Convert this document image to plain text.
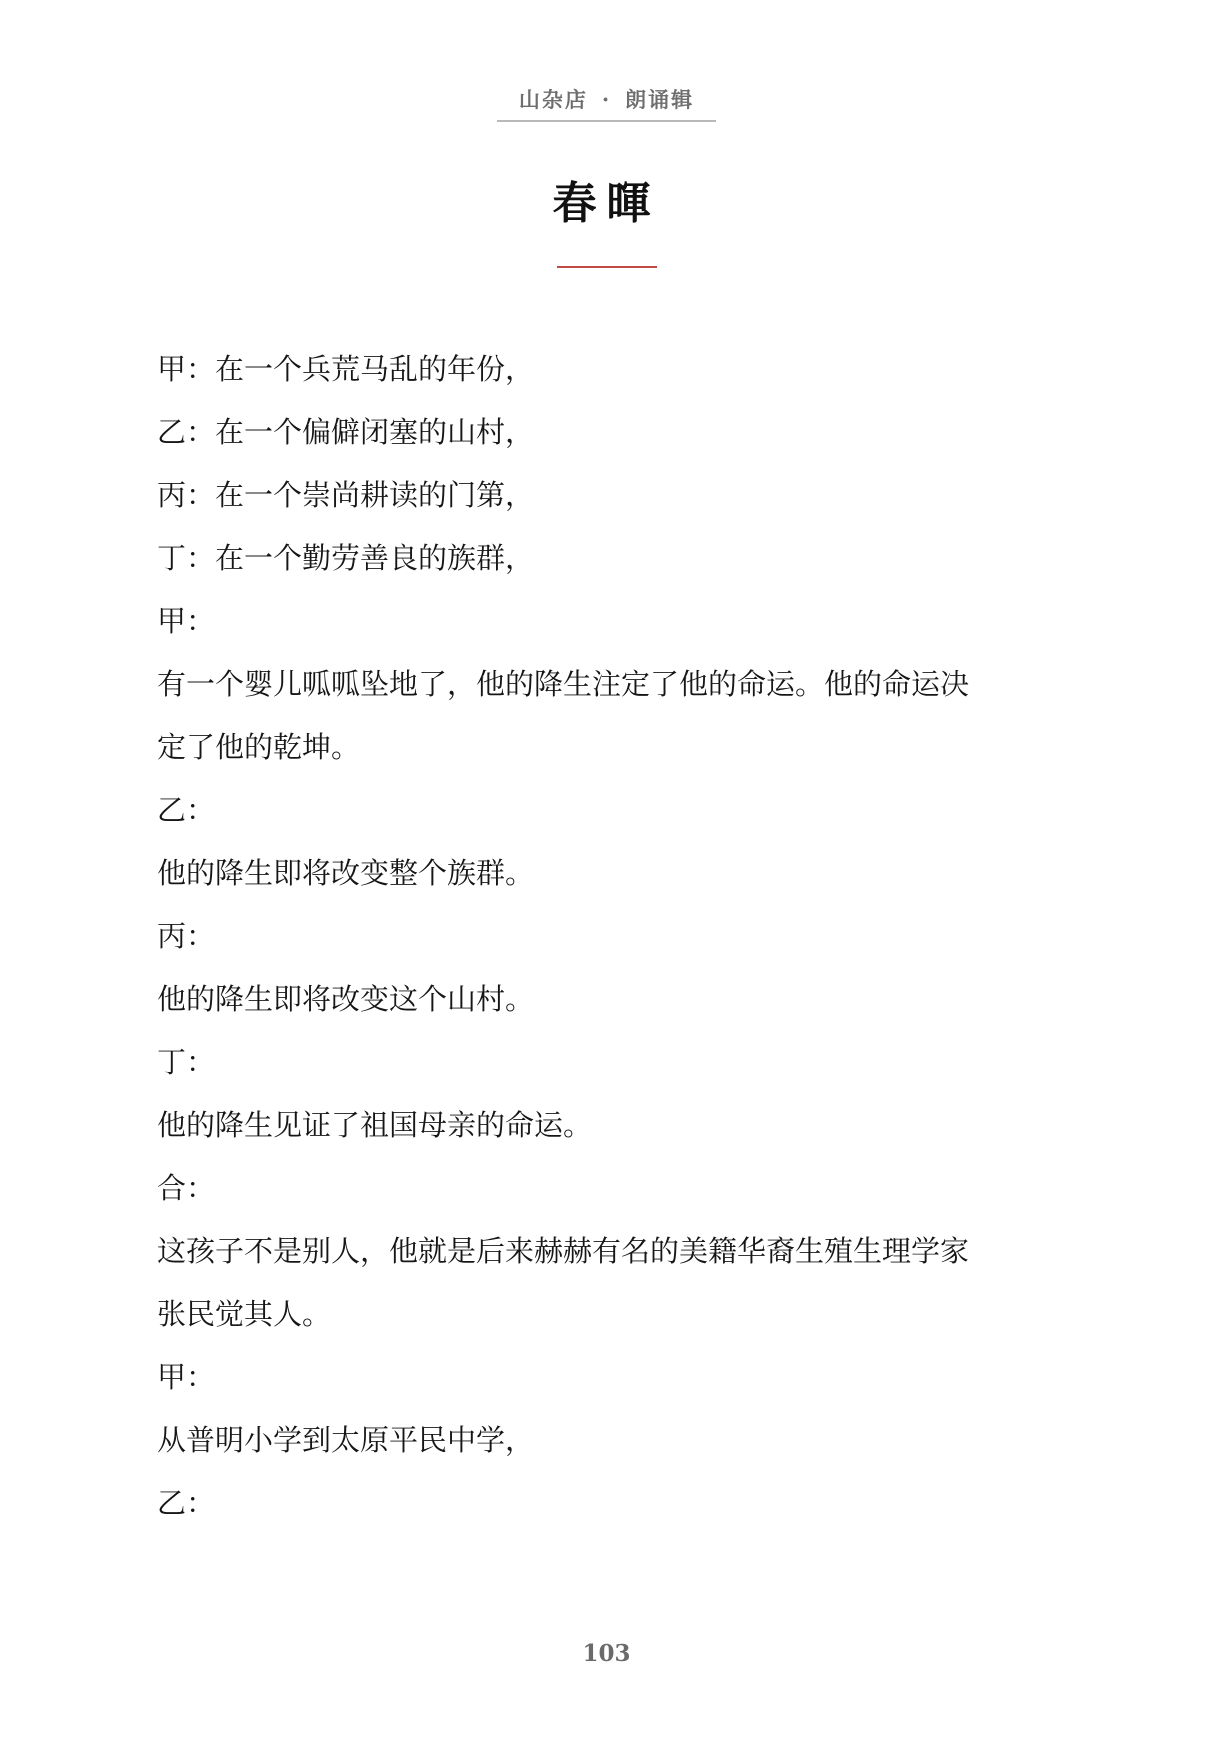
山杂店 · 朗诵辑
春暉

甲：在一个兵荒马乱的年份，

乙：在一个偏僻闭塞的山村，

丙：在一个崇尚耕读的门第，

丁：在一个勤劳善良的族群，

甲：

有一个婴儿呱呱坠地了，他的降生注定了他的命运。他的命运决

定了他的乾坤。

乙：

他的降生即将改变整个族群。

丙：

他的降生即将改变这个山村。

丁：

他的降生见证了祖国母亲的命运。

合：

这孩子不是别人，他就是后来赫赫有名的美籍华裔生殖生理学家

张民觉其人。

甲：

从普明小学到太原平民中学，

乙：

103
